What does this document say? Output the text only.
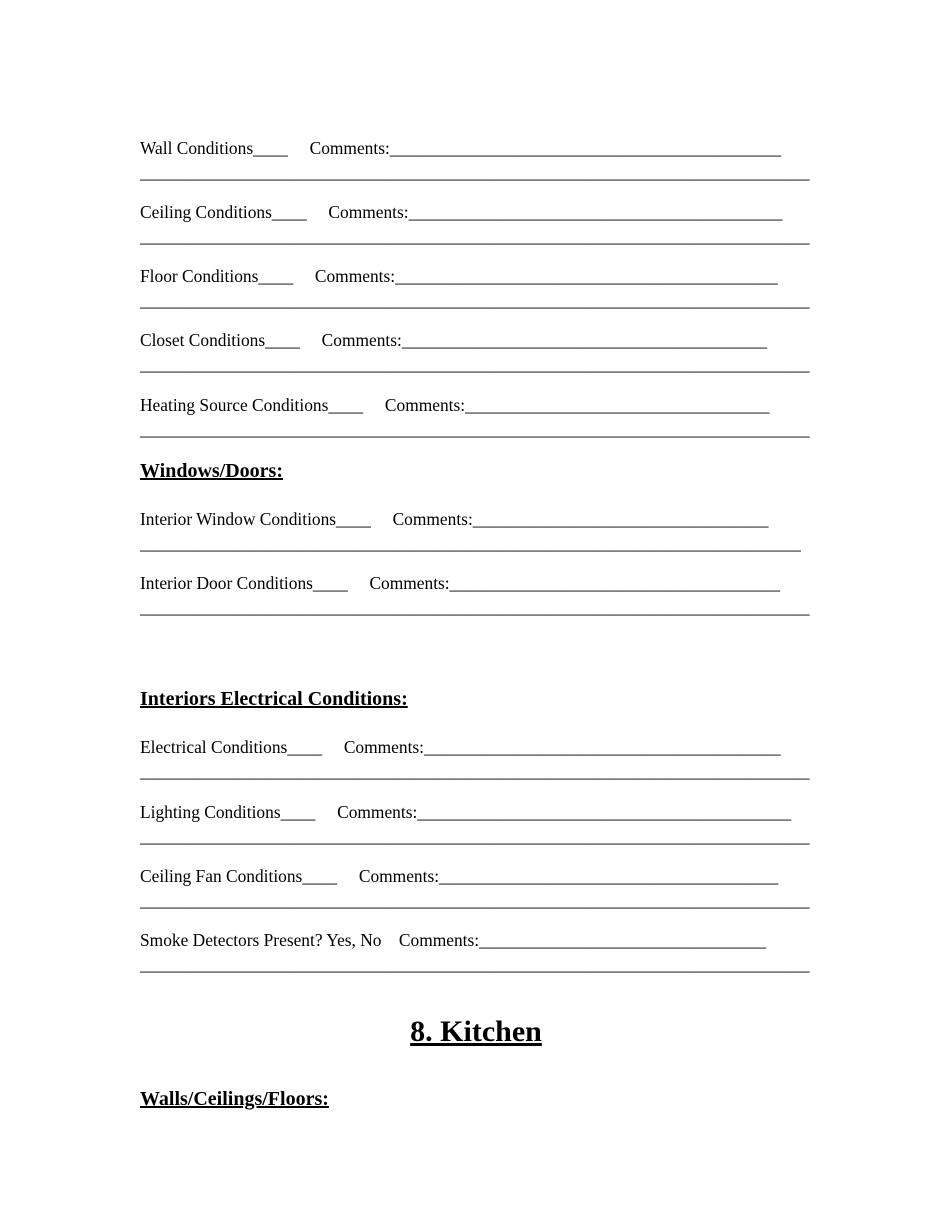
Wall Conditions____     Comments:_____________________________________________
_____________________________________________________________________________
Ceiling Conditions____     Comments:___________________________________________
_____________________________________________________________________________
Floor Conditions____     Comments:____________________________________________
_____________________________________________________________________________
Closet Conditions____     Comments:__________________________________________
_____________________________________________________________________________
Heating Source Conditions____     Comments:___________________________________
_____________________________________________________________________________
Windows/Doors:
Interior Window Conditions____     Comments:__________________________________
____________________________________________________________________________
Interior Door Conditions____     Comments:______________________________________
_____________________________________________________________________________
Interiors Electrical Conditions:
Electrical Conditions____     Comments:_________________________________________
_____________________________________________________________________________
Lighting Conditions____     Comments:___________________________________________
_____________________________________________________________________________
Ceiling Fan Conditions____     Comments:_______________________________________
_____________________________________________________________________________
Smoke Detectors Present? Yes, No    Comments:_________________________________
_____________________________________________________________________________
8. Kitchen
Walls/Ceilings/Floors:
